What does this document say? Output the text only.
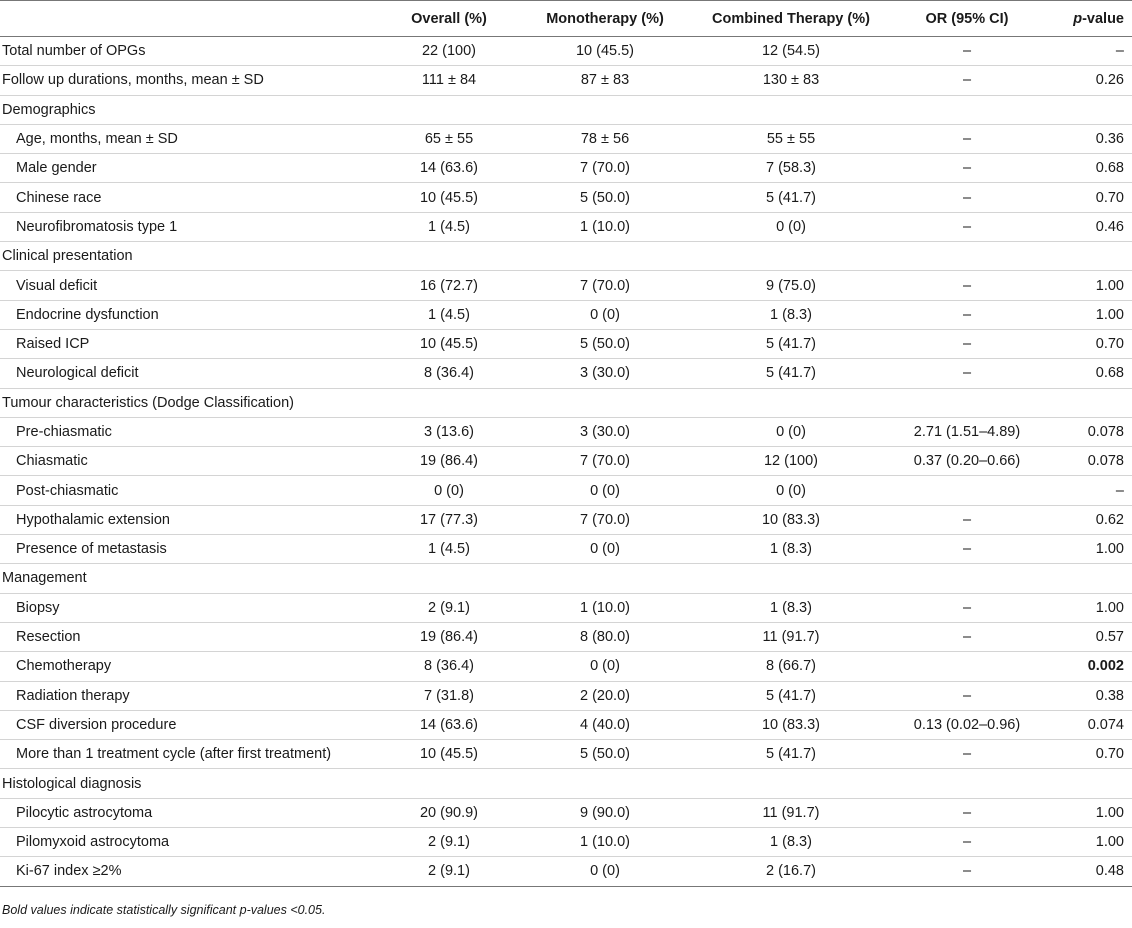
	Overall (%)	Monotherapy (%)	Combined Therapy (%)	OR (95% CI)	p-value
Total number of OPGs	22 (100)	10 (45.5)	12 (54.5)	–	–
Follow up durations, months, mean ± SD	111 ± 84	87 ± 83	130 ± 83	–	0.26
Demographics					
Age, months, mean ± SD	65 ± 55	78 ± 56	55 ± 55	–	0.36
Male gender	14 (63.6)	7 (70.0)	7 (58.3)	–	0.68
Chinese race	10 (45.5)	5 (50.0)	5 (41.7)	–	0.70
Neurofibromatosis type 1	1 (4.5)	1 (10.0)	0 (0)	–	0.46
Clinical presentation					
Visual deficit	16 (72.7)	7 (70.0)	9 (75.0)	–	1.00
Endocrine dysfunction	1 (4.5)	0 (0)	1 (8.3)	–	1.00
Raised ICP	10 (45.5)	5 (50.0)	5 (41.7)	–	0.70
Neurological deficit	8 (36.4)	3 (30.0)	5 (41.7)	–	0.68
Tumour characteristics (Dodge Classification)					
Pre-chiasmatic	3 (13.6)	3 (30.0)	0 (0)	2.71 (1.51–4.89)	0.078
Chiasmatic	19 (86.4)	7 (70.0)	12 (100)	0.37 (0.20–0.66)	0.078
Post-chiasmatic	0 (0)	0 (0)	0 (0)		–
Hypothalamic extension	17 (77.3)	7 (70.0)	10 (83.3)	–	0.62
Presence of metastasis	1 (4.5)	0 (0)	1 (8.3)	–	1.00
Management					
Biopsy	2 (9.1)	1 (10.0)	1 (8.3)	–	1.00
Resection	19 (86.4)	8 (80.0)	11 (91.7)	–	0.57
Chemotherapy	8 (36.4)	0 (0)	8 (66.7)		0.002
Radiation therapy	7 (31.8)	2 (20.0)	5 (41.7)	–	0.38
CSF diversion procedure	14 (63.6)	4 (40.0)	10 (83.3)	0.13 (0.02–0.96)	0.074
More than 1 treatment cycle (after first treatment)	10 (45.5)	5 (50.0)	5 (41.7)	–	0.70
Histological diagnosis					
Pilocytic astrocytoma	20 (90.9)	9 (90.0)	11 (91.7)	–	1.00
Pilomyxoid astrocytoma	2 (9.1)	1 (10.0)	1 (8.3)	–	1.00
Ki-67 index ≥2%	2 (9.1)	0 (0)	2 (16.7)	–	0.48
Bold values indicate statistically significant p-values <0.05.
